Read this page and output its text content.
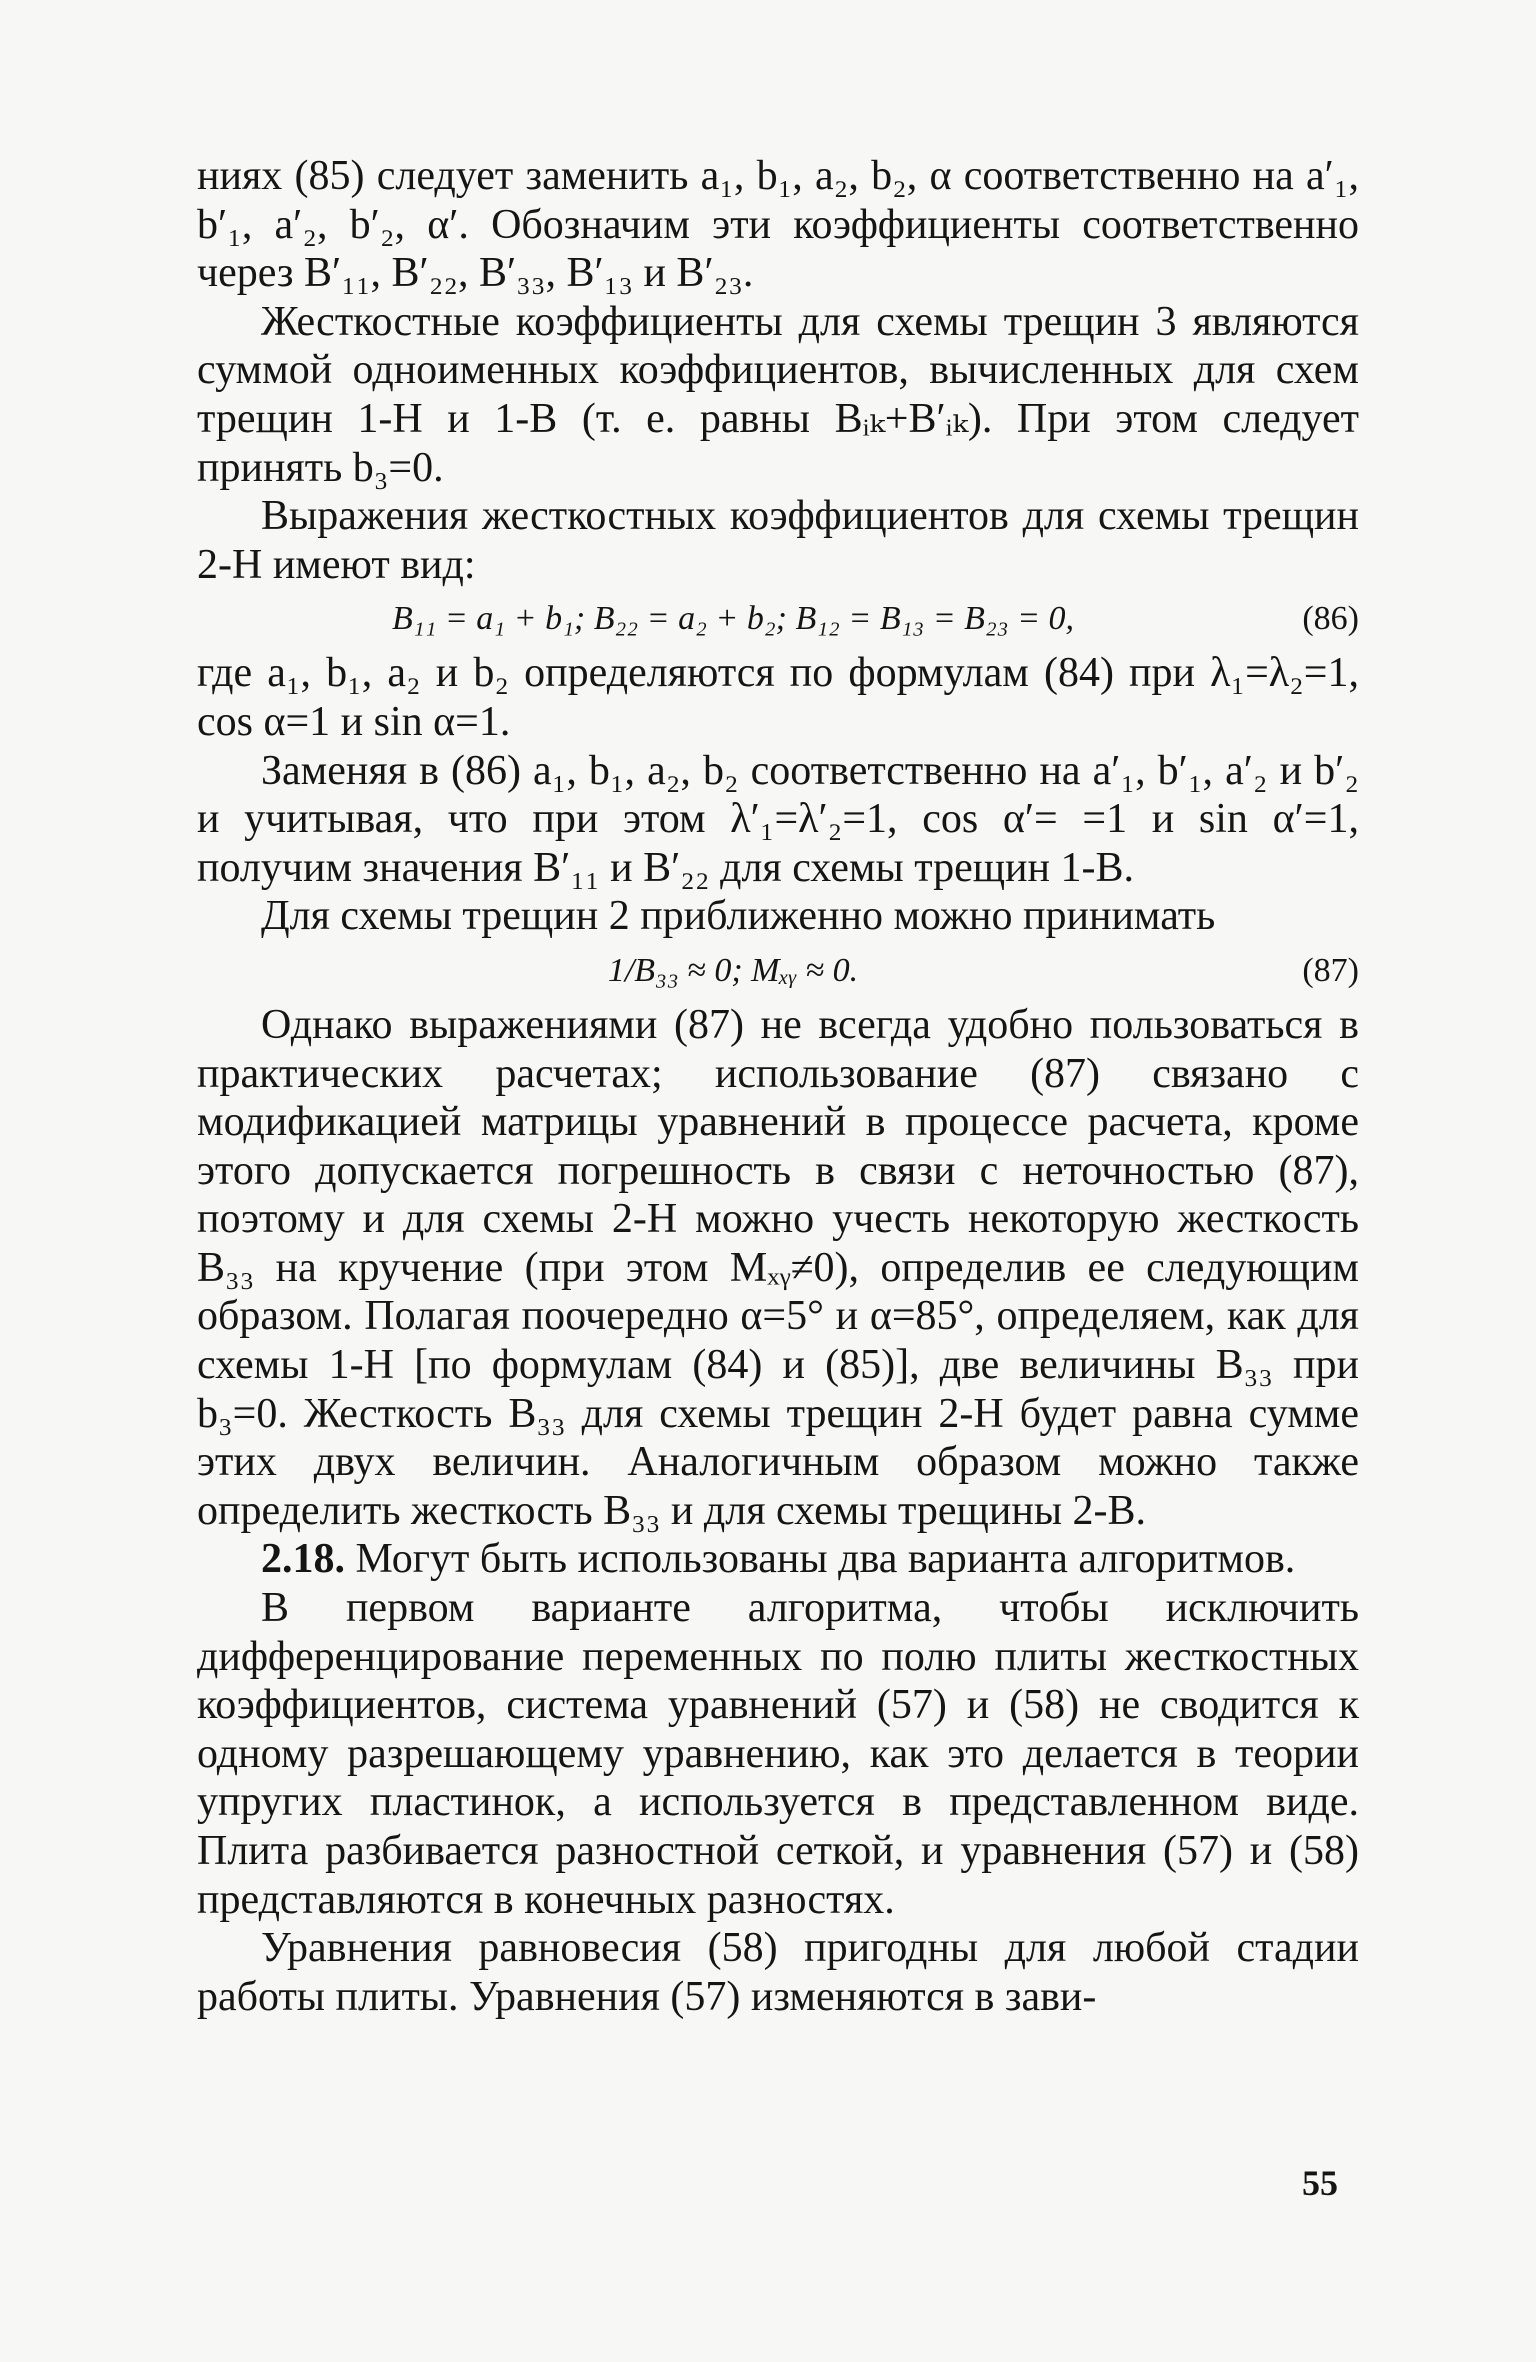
ниях (85) следует заменить a₁, b₁, a₂, b₂, α соответственно на a′₁, b′₁, a′₂, b′₂, α′. Обозначим эти коэффициенты соответственно через B′₁₁, B′₂₂, B′₃₃, B′₁₃ и B′₂₃.

Жесткостные коэффициенты для схемы трещин 3 являются суммой одноименных коэффициентов, вычисленных для схем трещин 1-Н и 1-В (т. е. равны Bᵢₖ+B′ᵢₖ). При этом следует принять b₃=0.

Выражения жесткостных коэффициентов для схемы трещин 2-Н имеют вид:

B₁₁ = a₁ + b₁; B₂₂ = a₂ + b₂; B₁₂ = B₁₃ = B₂₃ = 0,	(86)

где a₁, b₁, a₂ и b₂ определяются по формулам (84) при λ₁=λ₂=1, cos α=1 и sin α=1.

Заменяя в (86) a₁, b₁, a₂, b₂ соответственно на a′₁, b′₁, a′₂ и b′₂ и учитывая, что при этом λ′₁=λ′₂=1, cos α′= =1 и sin α′=1, получим значения B′₁₁ и B′₂₂ для схемы трещин 1-В.

Для схемы трещин 2 приближенно можно принимать

1/B₃₃ ≈ 0; Mₓᵧ ≈ 0.	(87)

Однако выражениями (87) не всегда удобно пользоваться в практических расчетах; использование (87) связано с модификацией матрицы уравнений в процессе расчета, кроме этого допускается погрешность в связи с неточностью (87), поэтому и для схемы 2-Н можно учесть некоторую жесткость B₃₃ на кручение (при этом Mₓᵧ≠0), определив ее следующим образом. Полагая поочередно α=5° и α=85°, определяем, как для схемы 1-Н [по формулам (84) и (85)], две величины B₃₃ при b₃=0. Жесткость B₃₃ для схемы трещин 2-Н будет равна сумме этих двух величин. Аналогичным образом можно также определить жесткость B₃₃ и для схемы трещины 2-В.

2.18. Могут быть использованы два варианта алгоритмов.

В первом варианте алгоритма, чтобы исключить дифференцирование переменных по полю плиты жесткостных коэффициентов, система уравнений (57) и (58) не сводится к одному разрешающему уравнению, как это делается в теории упругих пластинок, а используется в представленном виде. Плита разбивается разностной сеткой, и уравнения (57) и (58) представляются в конечных разностях.

Уравнения равновесия (58) пригодны для любой стадии работы плиты. Уравнения (57) изменяются в зави-

55
